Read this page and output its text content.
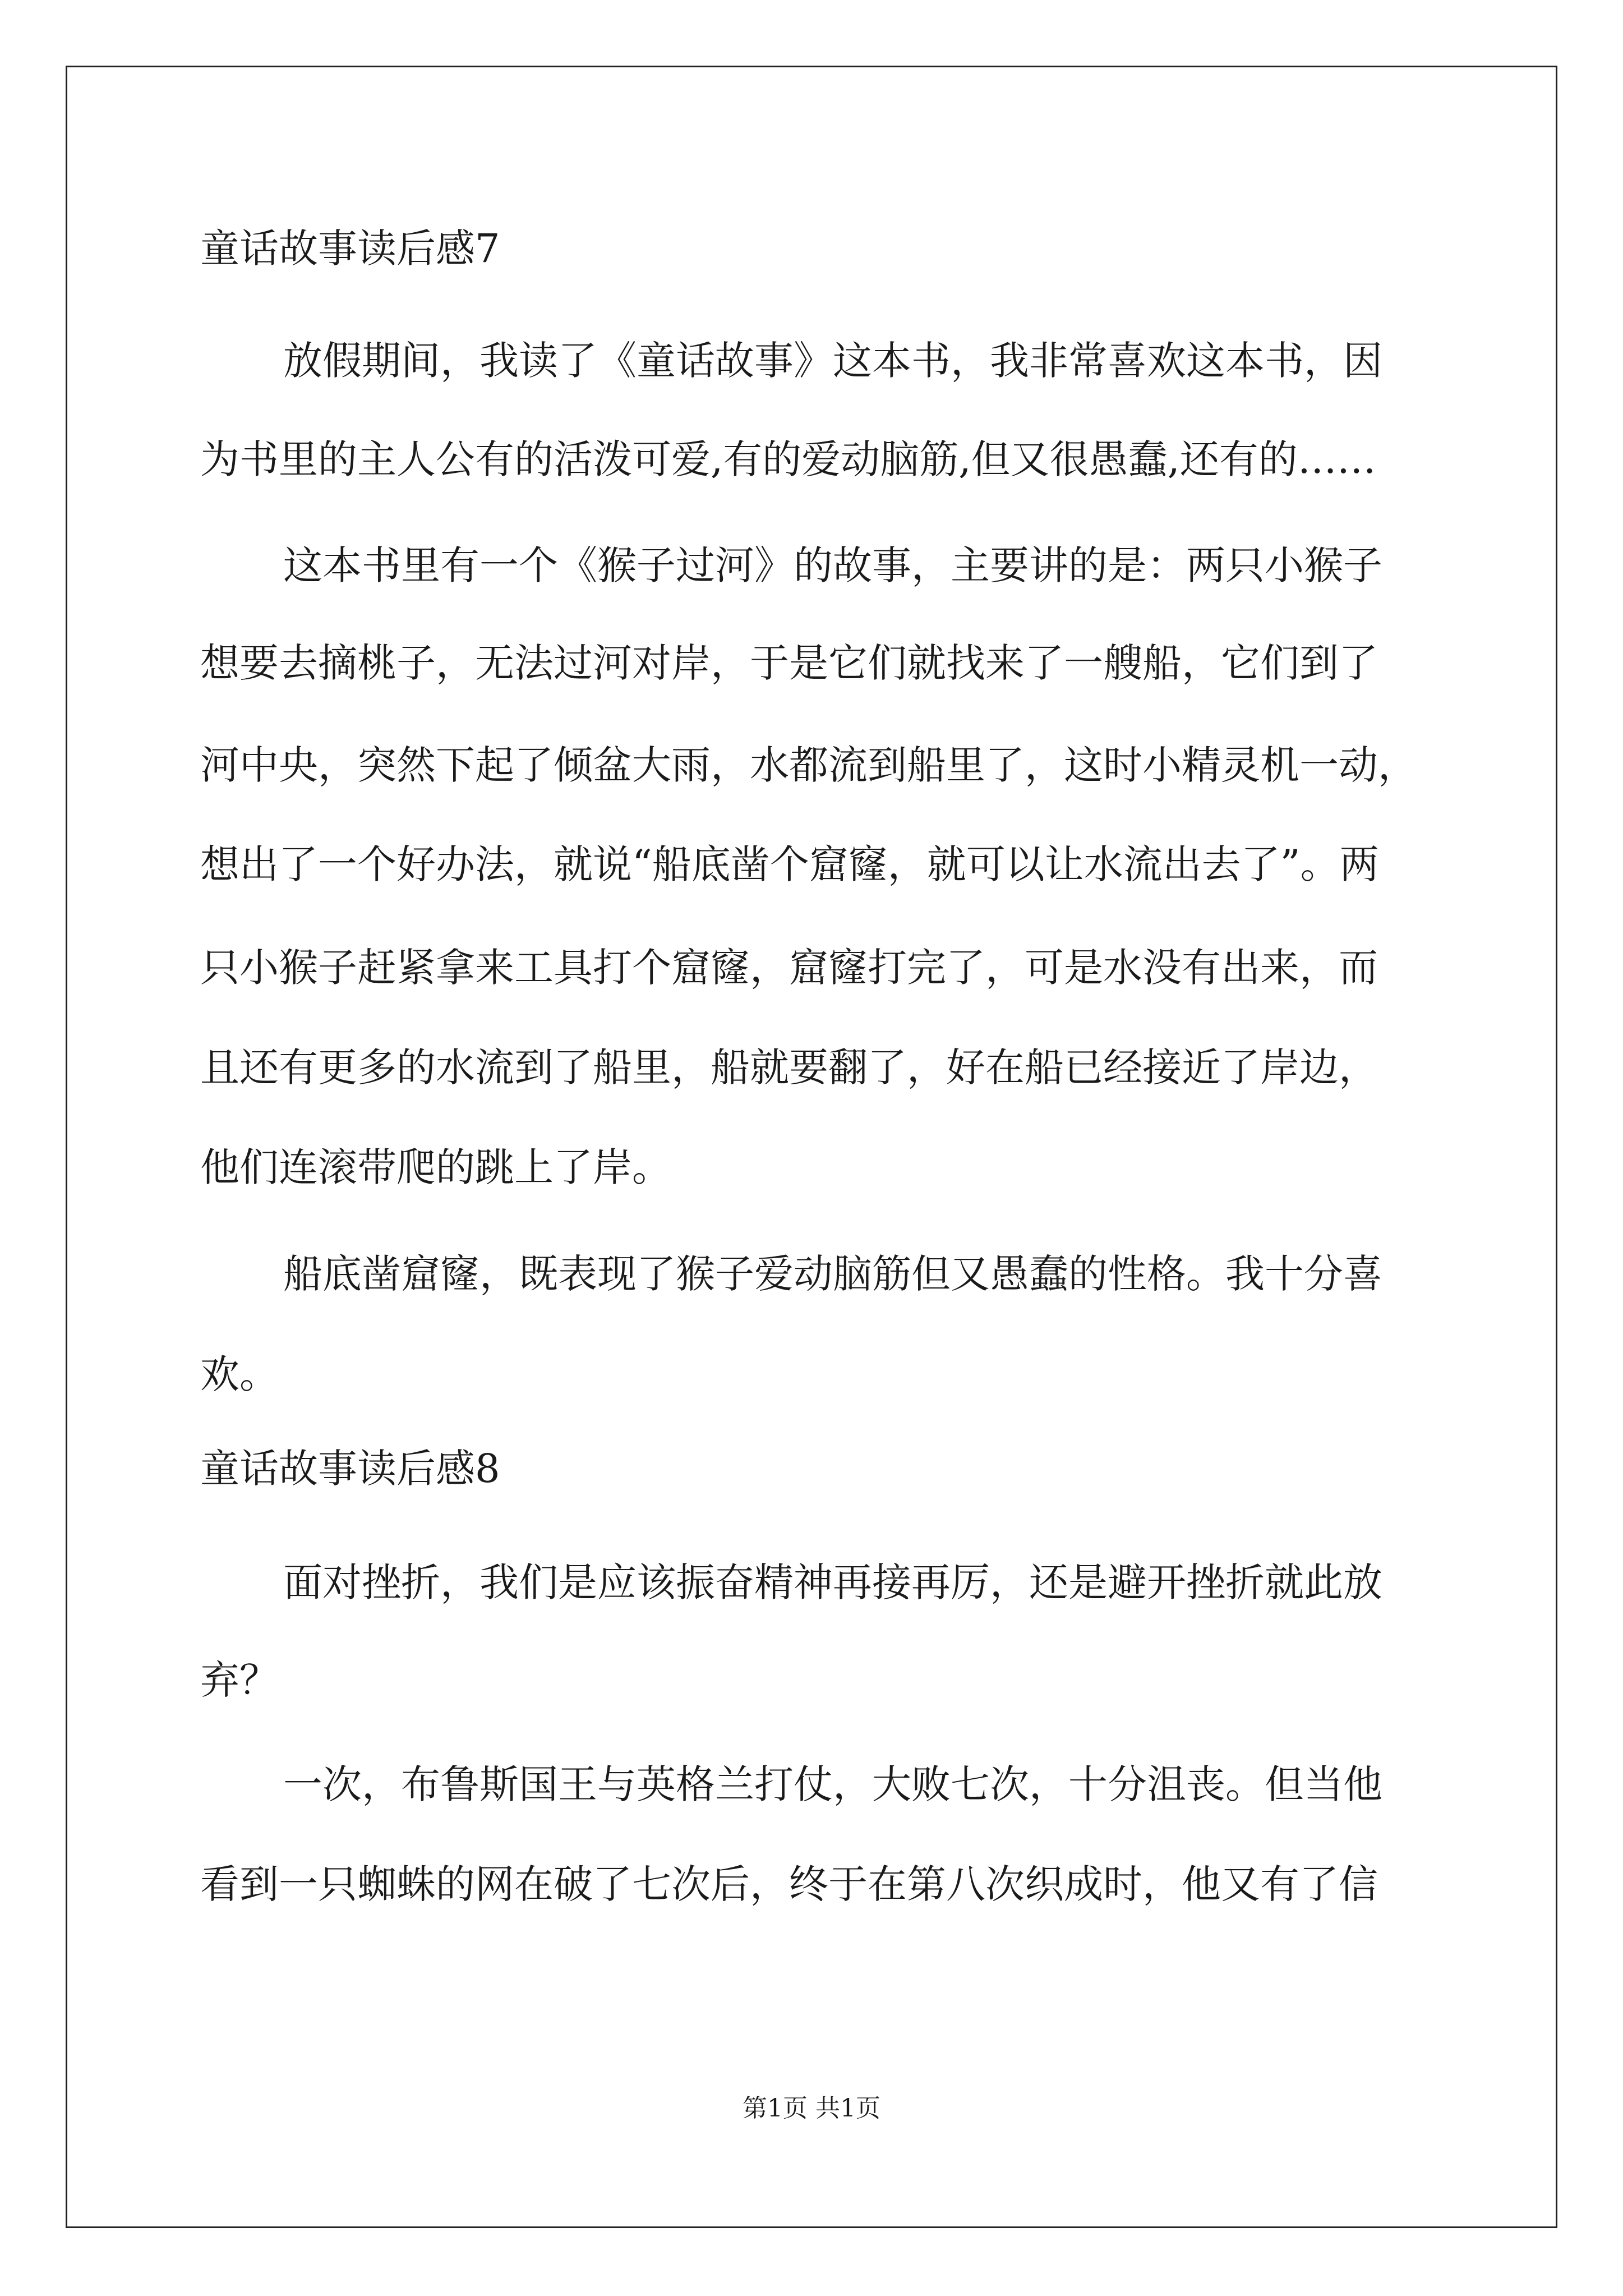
童话故事读后感7
放假期间，我读了《童话故事》这本书，我非常喜欢这本书，因
为书里的主人公有的活泼可爱,有的爱动脑筋,但又很愚蠢,还有的……
这本书里有一个《猴子过河》的故事，主要讲的是：两只小猴子
想要去摘桃子，无法过河对岸，于是它们就找来了一艘船，它们到了
河中央，突然下起了倾盆大雨，水都流到船里了，这时小精灵机一动，
想出了一个好办法，就说“船底凿个窟窿，就可以让水流出去了”。两
只小猴子赶紧拿来工具打个窟窿，窟窿打完了，可是水没有出来，而
且还有更多的水流到了船里，船就要翻了，好在船已经接近了岸边，
他们连滚带爬的跳上了岸。
船底凿窟窿，既表现了猴子爱动脑筋但又愚蠢的性格。我十分喜
欢。
童话故事读后感8
面对挫折，我们是应该振奋精神再接再厉，还是避开挫折就此放
弃？
一次，布鲁斯国王与英格兰打仗，大败七次，十分沮丧。但当他
看到一只蜘蛛的网在破了七次后，终于在第八次织成时，他又有了信
第1页 共1页
